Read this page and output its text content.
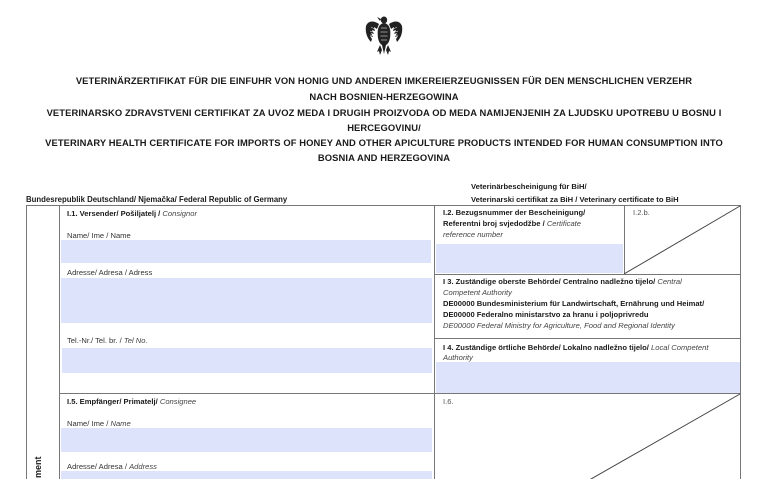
VETERINÄRZERTIFIKAT FÜR DIE EINFUHR VON HONIG UND ANDEREN IMKEREIERZEUGNISSEN FÜR DEN MENSCHLICHEN VERZEHR
NACH BOSNIEN-HERZEGOWINA
VETERINARSKO ZDRAVSTVENI CERTIFIKAT ZA UVOZ MEDA I DRUGIH PROIZVODA OD MEDA NAMIJENJENIH ZA LJUDSKU UPOTREBU U BOSNU I
HERCEGOVINU/
VETERINARY HEALTH CERTIFICATE FOR IMPORTS OF HONEY AND OTHER APICULTURE PRODUCTS INTENDED FOR HUMAN CONSUMPTION INTO
BOSNIA AND HERZEGOVINA
Bundesrepublik Deutschland/ Njemačka/ Federal Republic of Germany
Veterinärbescheinigung für BiH/
Veterinarski certifikat za BiH / Veterinary certificate to BiH
ment
I.1. Versender/ Pošiljatelj / Consignor
Name/ Ime / Name
Adresse/ Adresa / Adress
Tel.-Nr./ Tel. br. / Tel No.
I.2. Bezugsnummer der Bescheinigung/
Referentni broj svjedodžbe / Certificate
reference number
I.2.b.
I 3. Zuständige oberste Behörde/ Centralno nadležno tijelo/ Central
Competent Authority
DE00000 Bundesministerium für Landwirtschaft, Ernährung und Heimat/
DE00000 Federalno ministarstvo za hranu i poljoprivredu
DE00000 Federal Ministry for Agriculture, Food and Regional Identity
I 4. Zuständige örtliche Behörde/ Lokalno nadležno tijelo/ Local Competent
Authority
I.5. Empfänger/ Primatelj/ Consignee
Name/ Ime / Name
Adresse/ Adresa / Address
I.6.
